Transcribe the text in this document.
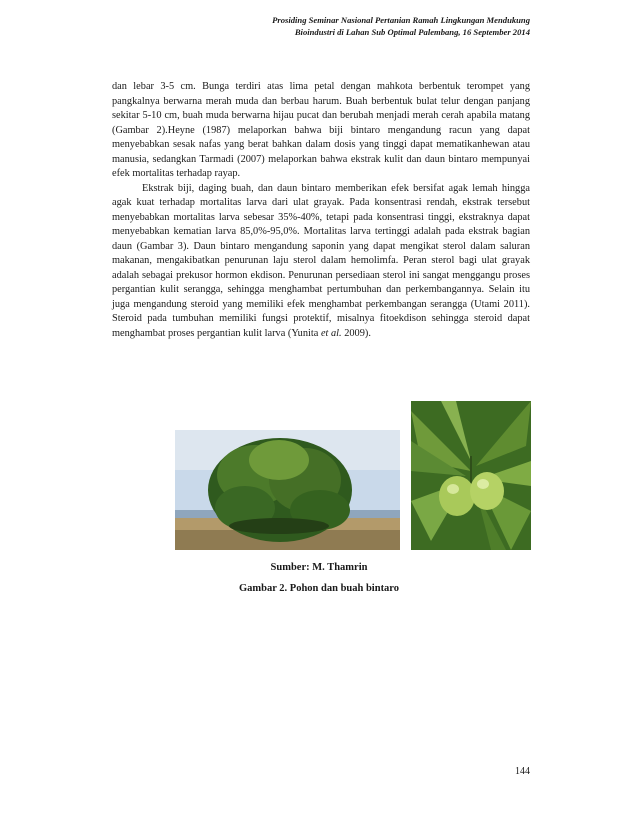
Prosiding Seminar Nasional Pertanian Ramah Lingkungan Mendukung
Bioindustri di Lahan Sub Optimal Palembang, 16 September 2014

dan lebar 3-5 cm. Bunga terdiri atas lima petal dengan mahkota berbentuk terompet yang pangkalnya berwarna merah muda dan berbau harum. Buah berbentuk bulat telur dengan panjang sekitar 5-10 cm, buah muda berwarna hijau pucat dan berubah menjadi merah cerah apabila matang (Gambar 2).Heyne (1987) melaporkan bahwa biji bintaro mengandung racun yang dapat menyebabkan sesak nafas yang berat bahkan dalam dosis yang tinggi dapat mematikanhewan atau manusia, sedangkan Tarmadi (2007) melaporkan bahwa ekstrak kulit dan daun bintaro mempunyai efek mortalitas terhadap rayap.

Ekstrak biji, daging buah, dan daun bintaro memberikan efek bersifat agak lemah hingga agak kuat terhadap mortalitas larva dari ulat grayak. Pada konsentrasi rendah, ekstrak tersebut menyebabkan mortalitas larva sebesar 35%-40%, tetapi pada konsentrasi tinggi, ekstraknya dapat menyebabkan kematian larva 85,0%-95,0%. Mortalitas larva tertinggi adalah pada ekstrak bagian daun (Gambar 3). Daun bintaro mengandung saponin yang dapat mengikat sterol dalam saluran makanan, mengakibatkan penurunan laju sterol dalam hemolimfa. Peran sterol bagi ulat grayak adalah sebagai prekusor hormon ekdison. Penurunan persediaan sterol ini sangat menggangu proses pergantian kulit serangga, sehingga menghambat pertumbuhan dan perkembangannya. Selain itu juga mengandung steroid yang memiliki efek menghambat perkembangan serangga (Utami 2011). Steroid pada tumbuhan memiliki fungsi protektif, misalnya fitoekdison sehingga steroid dapat menghambat proses pergantian kulit larva (Yunita et al. 2009).

Sumber: M. Thamrin
Gambar 2. Pohon dan buah bintaro
144
